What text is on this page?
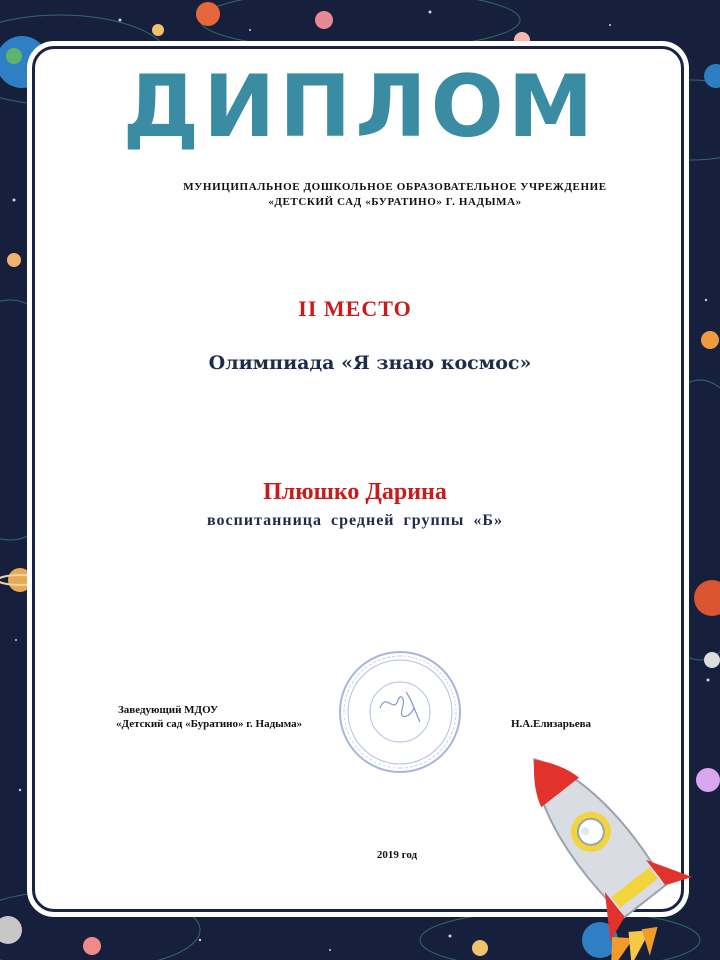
ДИПЛОМ
МУНИЦИПАЛЬНОЕ ДОШКОЛЬНОЕ ОБРАЗОВАТЕЛЬНОЕ УЧРЕЖДЕНИЕ
«ДЕТСКИЙ САД «БУРАТИНО» Г. НАДЫМА»
II МЕСТО
Олимпиада «Я знаю космос»
Плюшко Дарина
воспитанница средней группы «Б»
Заведующий МДОУ
«Детский сад «Буратино» г. Надыма»	Н.А.Елизарьева
2019 год
